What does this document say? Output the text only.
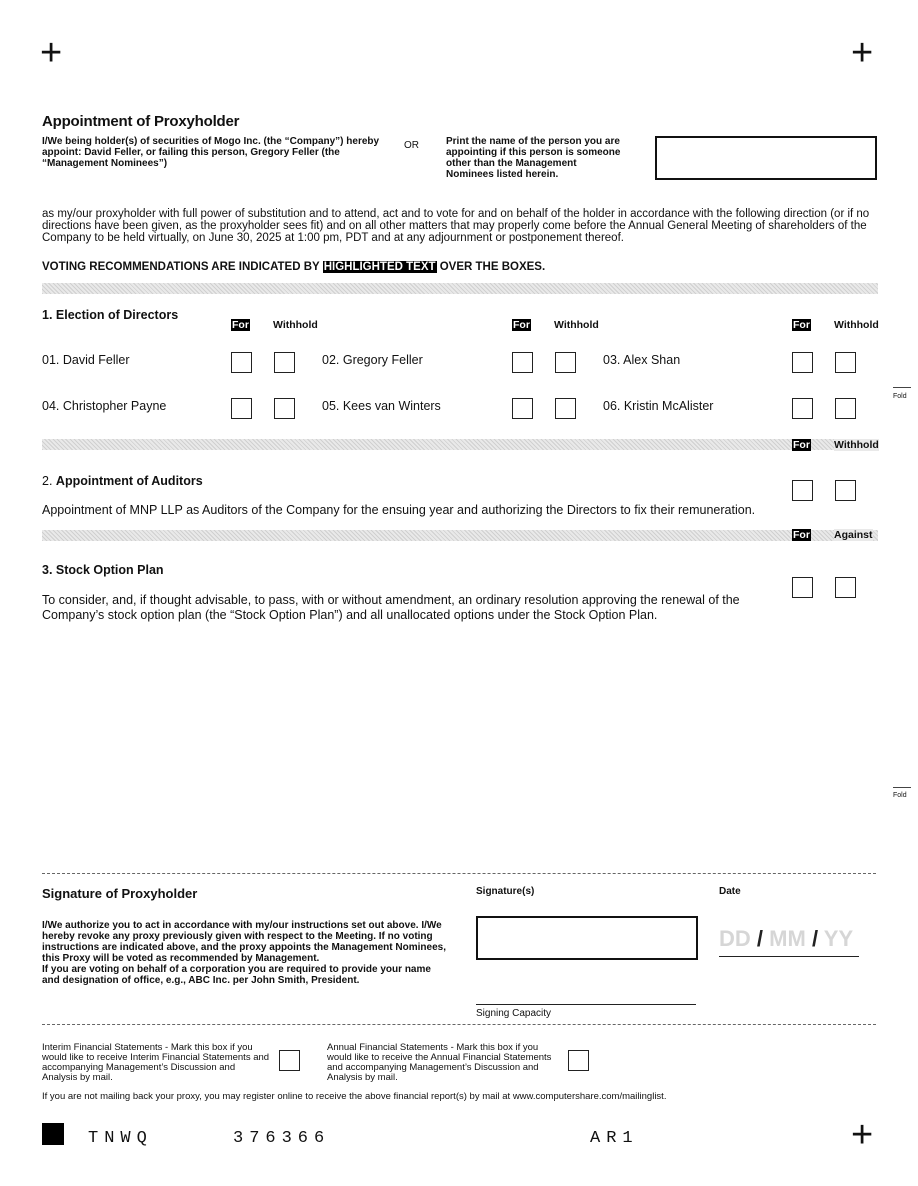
+	+
+
Appointment of Proxyholder
I/We being holder(s) of securities of Mogo Inc. (the “Company”) hereby appoint: David Feller, or failing this person, Gregory Feller (the “Management Nominees”)
OR	Print the name of the person you are appointing if this person is someone other than the Management Nominees listed herein.
as my/our proxyholder with full power of substitution and to attend, act and to vote for and on behalf of the holder in accordance with the following direction (or if no directions have been given, as the proxyholder sees fit) and on all other matters that may properly come before the Annual General Meeting of shareholders of the Company to be held virtually, on June 30, 2025 at 1:00 pm, PDT and at any adjournment or postponement thereof.
VOTING RECOMMENDATIONS ARE INDICATED BY HIGHLIGHTED TEXT OVER THE BOXES.
1. Election of Directors
For Withhold	For Withhold	For Withhold
01. David Feller	02. Gregory Feller	03. Alex Shan
04. Christopher Payne	05. Kees van Winters	06. Kristin McAlister
Fold
Fold
For Withhold
2. Appointment of Auditors
Appointment of MNP LLP as Auditors of the Company for the ensuing year and authorizing the Directors to fix their remuneration.
For Against
3. Stock Option Plan
To consider, and, if thought advisable, to pass, with or without amendment, an ordinary resolution approving the renewal of the Company’s stock option plan (the “Stock Option Plan”) and all unallocated options under the Stock Option Plan.
Signature of Proxyholder
I/We authorize you to act in accordance with my/our instructions set out above. I/We hereby revoke any proxy previously given with respect to the Meeting. If no voting instructions are indicated above, and the proxy appoints the Management Nominees, this Proxy will be voted as recommended by Management.
If you are voting on behalf of a corporation you are required to provide your name and designation of office, e.g., ABC Inc. per John Smith, President.
Signature(s)
Signing Capacity
Date
DD / MM / YY
Interim Financial Statements - Mark this box if you would like to receive Interim Financial Statements and accompanying Management’s Discussion and Analysis by mail.
Annual Financial Statements - Mark this box if you would like to receive the Annual Financial Statements and accompanying Management’s Discussion and Analysis by mail.
If you are not mailing back your proxy, you may register online to receive the above financial report(s) by mail at www.computershare.com/mailinglist.
TNWQ	376366	AR1
